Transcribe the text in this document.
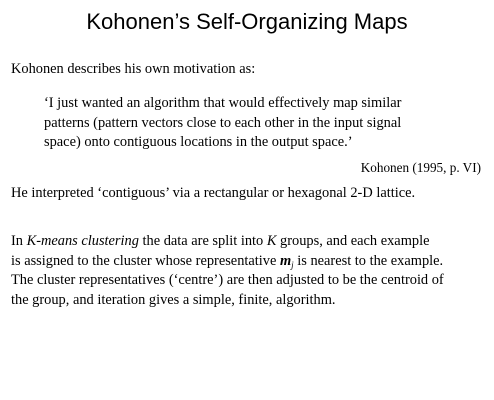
Kohonen’s Self-Organizing Maps
Kohonen describes his own motivation as:
‘I just wanted an algorithm that would effectively map similar
patterns (pattern vectors close to each other in the input signal
space) onto contiguous locations in the output space.’
Kohonen (1995, p. VI)
He interpreted ‘contiguous’ via a rectangular or hexagonal 2-D lattice.
In K-means clustering the data are split into K groups, and each example
is assigned to the cluster whose representative $m_j$ is nearest to the example.
The cluster representatives (‘centre’) are then adjusted to be the centroid of
the group, and iteration gives a simple, finite, algorithm.
